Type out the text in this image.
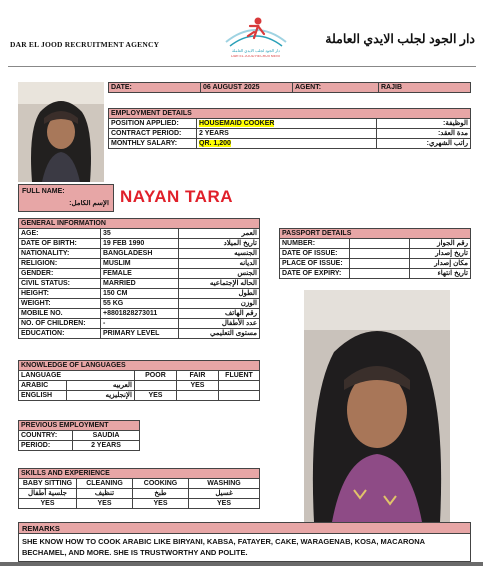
DAR EL JOOD RECRUITMENT AGENCY
دار الجود لجلب الايدي العاملة
DAR EL JOOD RECRUITMENT
دار الجود لجلب الايدي العاملة
DATE:	06 AUGUST 2025	AGENT:	RAJIB
EMPLOYMENT DETAILS		
POSITION APPLIED:	HOUSEMAID COOKER	الوظيفة:
CONTRACT PERIOD:	2 YEARS	مدة العقد:
MONTHLY SALARY:	QR. 1,200	راتب الشهري:
FULL NAME:
الإسم الكامل: NAYAN TARA
GENERAL INFORMATION		
AGE:	35	العمر
DATE OF BIRTH:	19 FEB 1990	تاريخ الميلاد
NATIONALITY:	BANGLADESH	الجنسيه
RELIGION:	MUSLIM	الديانه
GENDER:	FEMALE	الجنس
CIVIL STATUS:	MARRIED	الحاله الإجتماعيه
HEIGHT:	150 CM	الطول
WEIGHT:	55 KG	الوزن
MOBILE NO.	+8801828273011	رقم الهاتف
NO. OF CHILDREN:	-	عدد الأطفال
EDUCATION:	PRIMARY LEVEL	مستوى التعليمي
PASSPORT DETAILS		
NUMBER:		رقم الجواز
DATE OF ISSUE:		تاريخ إصدار
PLACE OF ISSUE:		مكان إصدار
DATE OF EXPIRY:		تاريخ انتهاء
KNOWLEDGE OF LANGUAGES				
LANGUAGE		POOR	FAIR	FLUENT
ARABIC	العربيه		YES	
ENGLISH	الإنجليزيه	YES		
PREVIOUS EMPLOYMENT	
COUNTRY:	SAUDIA
PERIOD:	2 YEARS
SKILLS AND EXPERIENCE			
BABY SITTING	CLEANING	COOKING	WASHING
جلسية أطفال	تنظيف	طبخ	غسيل
YES	YES	YES	YES
REMARKS
SHE KNOW HOW TO COOK ARABIC LIKE BIRYANI, KABSA, FATAYER, CAKE, WARAGENAB, KOSA, MACARONA BECHAMEL, AND MORE. SHE IS TRUSTWORTHY AND POLITE.
